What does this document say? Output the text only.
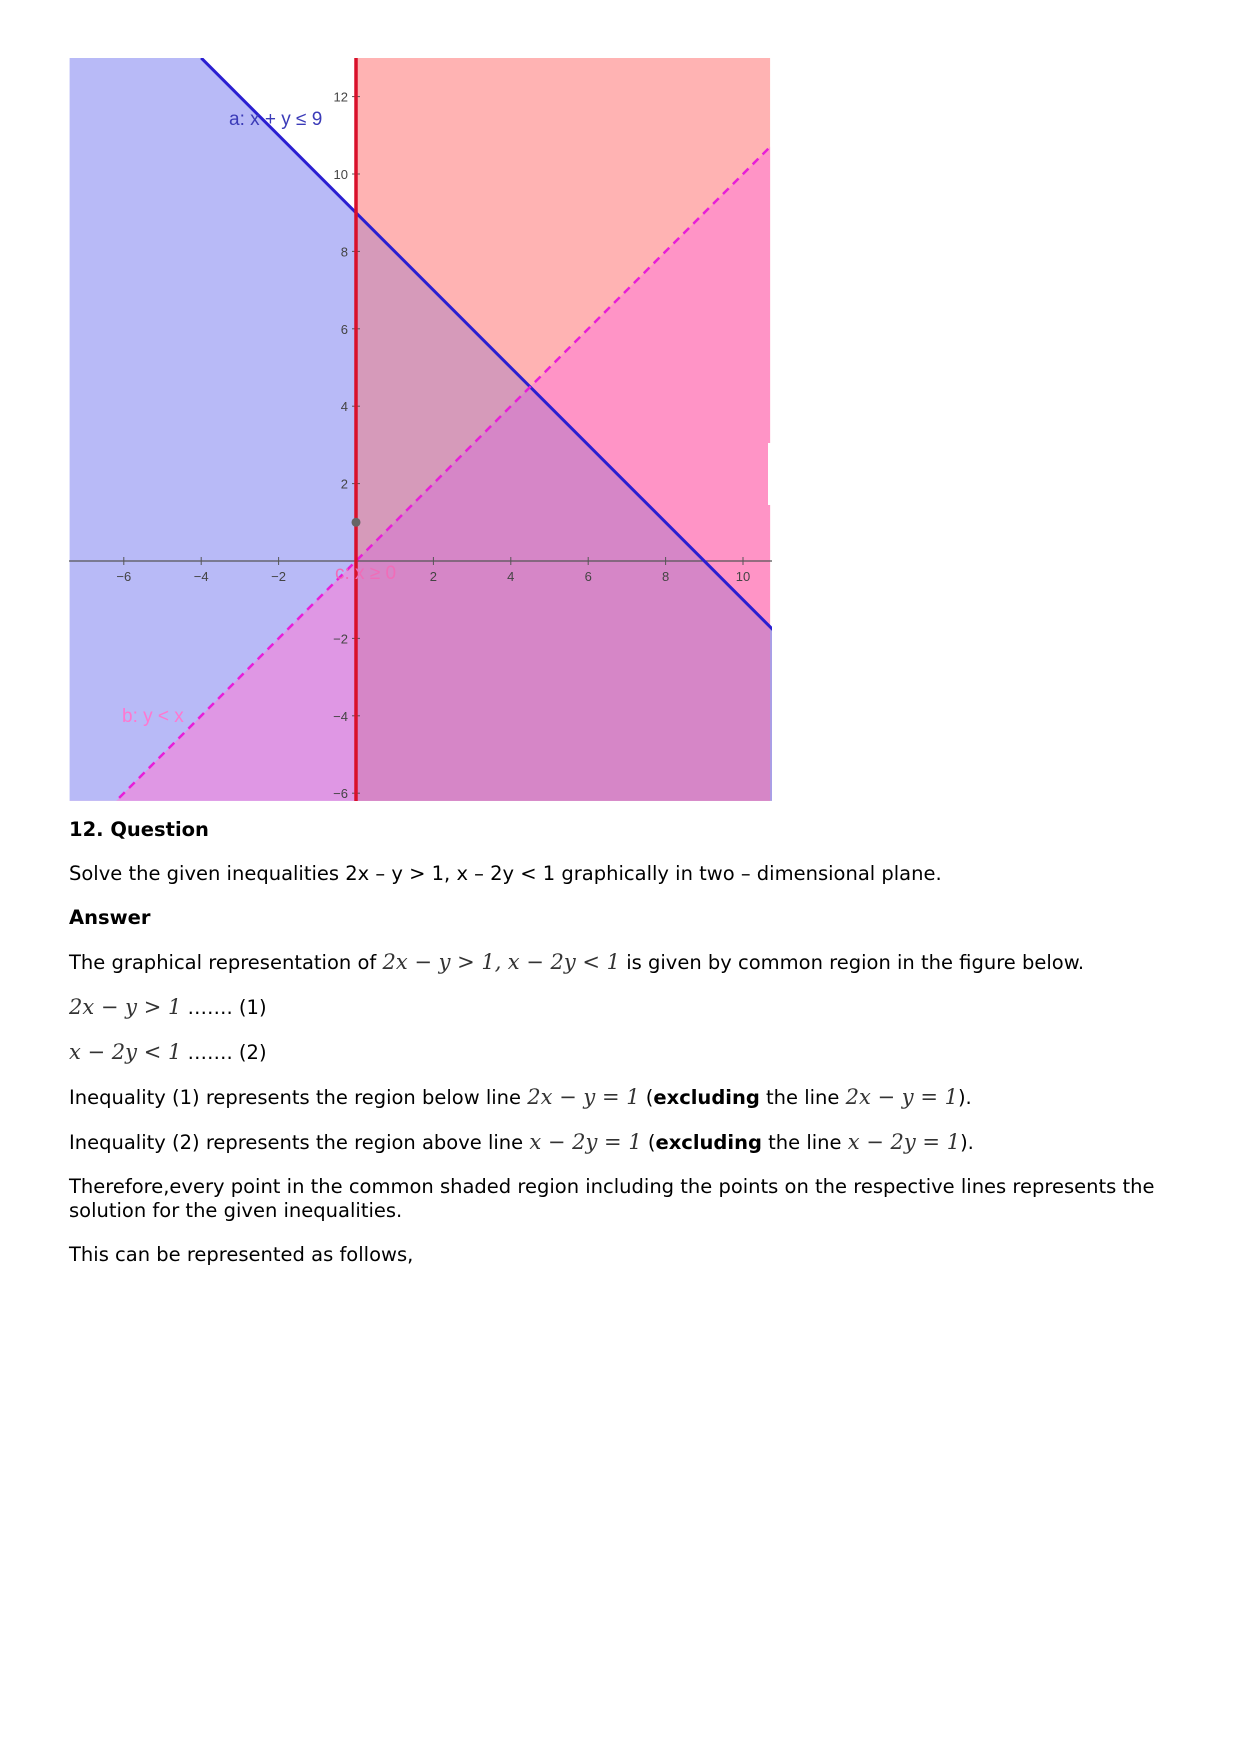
−6	−4	−2	2	4	6	8	10
12
10
8
6
4
2
−2
−4
−6
a: x + y ≤ 9
b: y < x
c: x ≥ 0

12. Question

Solve the given inequalities 2x – y > 1, x – 2y < 1 graphically in two – dimensional plane.

Answer

The graphical representation of 2x − y > 1, x − 2y < 1 is given by common region in the figure below.

2x − y > 1 ……. (1)

x − 2y < 1 ……. (2)

Inequality (1) represents the region below line 2x − y = 1 (excluding the line 2x − y = 1).

Inequality (2) represents the region above line x − 2y = 1 (excluding the line x − 2y = 1).

Therefore,every point in the common shaded region including the points on the respective lines represents the solution for the given inequalities.

This can be represented as follows,
